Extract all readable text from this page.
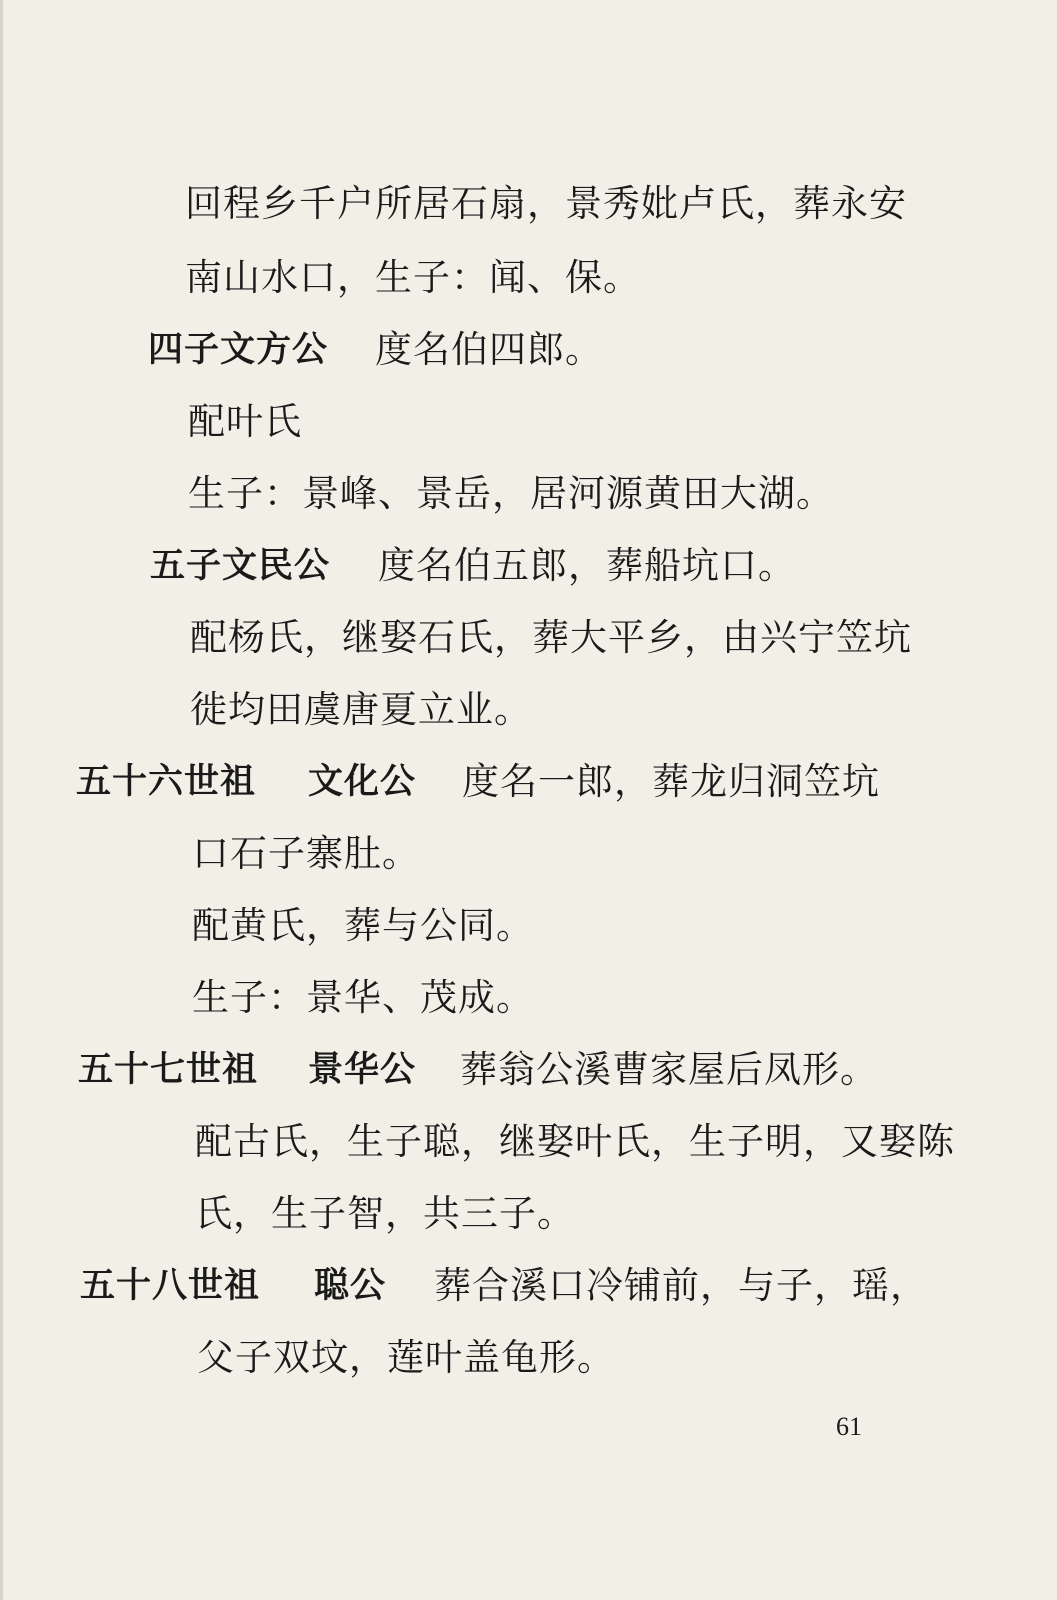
回程乡千户所居石扇，景秀妣卢氏，葬永安
南山水口，生子：闻、保。
四子文方公 度名伯四郎。
配叶氏
生子：景峰、景岳，居河源黄田大湖。
五子文民公 度名伯五郎，葬船坑口。
配杨氏，继娶石氏，葬大平乡，由兴宁笠坑
徙均田虞唐夏立业。
五十六世祖 文化公 度名一郎，葬龙归洞笠坑
口石子寨肚。
配黄氏，葬与公同。
生子：景华、茂成。
五十七世祖 景华公 葬翁公溪曹家屋后凤形。
配古氏，生子聪，继娶叶氏，生子明，又娶陈
氏，生子智，共三子。
五十八世祖 聪公 葬合溪口冷铺前，与子，瑶，
父子双坟，莲叶盖龟形。
61
